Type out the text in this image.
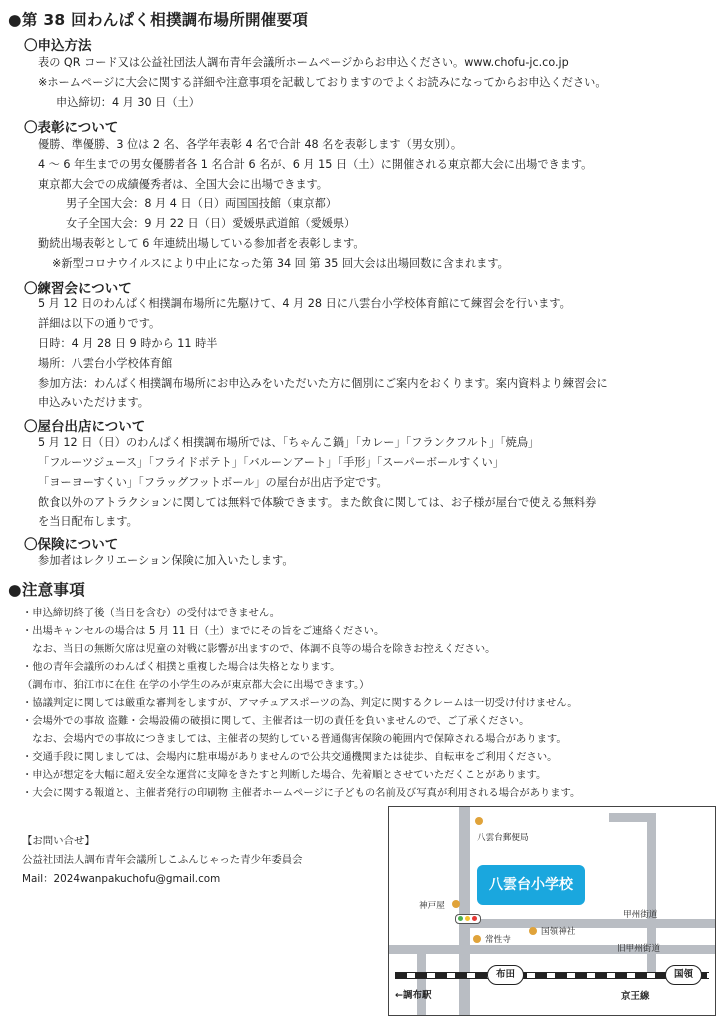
●第 38 回わんぱく相撲調布場所開催要項
〇申込方法
表の QR コード又は公益社団法人調布青年会議所ホームページからお申込ください。www.chofu-jc.co.jp
※ホームページに大会に関する詳細や注意事項を記載しておりますのでよくお読みになってからお申込ください。
申込締切：4 月 30 日（土）
〇表彰について
優勝、準優勝、3 位は 2 名、各学年表彰 4 名で合計 48 名を表彰します（男女別）。
4 ～ 6 年生までの男女優勝者各 1 名合計 6 名が、6 月 15 日（土）に開催される東京都大会に出場できます。
東京都大会での成績優秀者は、全国大会に出場できます。
男子全国大会：8 月 4 日（日）両国国技館（東京都）
女子全国大会：9 月 22 日（日）愛媛県武道館（愛媛県）
勤続出場表彰として 6 年連続出場している参加者を表彰します。
※新型コロナウイルスにより中止になった第 34 回 第 35 回大会は出場回数に含まれます。
〇練習会について
5 月 12 日のわんぱく相撲調布場所に先駆けて、4 月 28 日に八雲台小学校体育館にて練習会を行います。
詳細は以下の通りです。
日時：4 月 28 日 9 時から 11 時半
場所：八雲台小学校体育館
参加方法：わんぱく相撲調布場所にお申込みをいただいた方に個別にご案内をおくります。案内資料より練習会に
申込みいただけます。
〇屋台出店について
5 月 12 日（日）のわんぱく相撲調布場所では、「ちゃんこ鍋」「カレー」「フランクフルト」「焼鳥」
「フルーツジュース」「フライドポテト」「バルーンアート」「手形」「スーパーボールすくい」
「ヨーヨーすくい」「フラッグフットボール」の屋台が出店予定です。
飲食以外のアトラクションに関しては無料で体験できます。また飲食に関しては、お子様が屋台で使える無料券
を当日配布します。
〇保険について
参加者はレクリエーション保険に加入いたします。
●注意事項
・申込締切終了後（当日を含む）の受付はできません。
・出場キャンセルの場合は 5 月 11 日（土）までにその旨をご連絡ください。
　なお、当日の無断欠席は児童の対戦に影響が出ますので、体調不良等の場合を除きお控えください。
・他の青年会議所のわんぱく相撲と重複した場合は失格となります。
（調布市、狛江市に在住 在学の小学生のみが東京都大会に出場できます。）
・協議判定に関しては厳重な審判をしますが、アマチュアスポーツの為、判定に関するクレームは一切受け付けません。
・会場外での事故 盗難・会場設備の破損に関して、主催者は一切の責任を負いませんので、ご了承ください。
　なお、会場内での事故につきましては、主催者の契約している普通傷害保険の範囲内で保障される場合があります。
・交通手段に関しましては、会場内に駐車場がありませんので公共交通機関または徒歩、自転車をご利用ください。
・申込が想定を大幅に超え安全な運営に支障をきたすと判断した場合、先着順とさせていただくことがあります。
・大会に関する報道と、主催者発行の印刷物 主催者ホームページに子どもの名前及び写真が利用される場合があります。
【お問い合せ】
公益社団法人調布青年会議所しこふんじゃった青少年委員会
Mail：2024wanpakuchofu@gmail.com	八雲台小学校
八雲台郵便局
神戸屋
常性寺
国領神社
甲州街道
旧甲州街道
布田	国領
←調布駅	京王線
